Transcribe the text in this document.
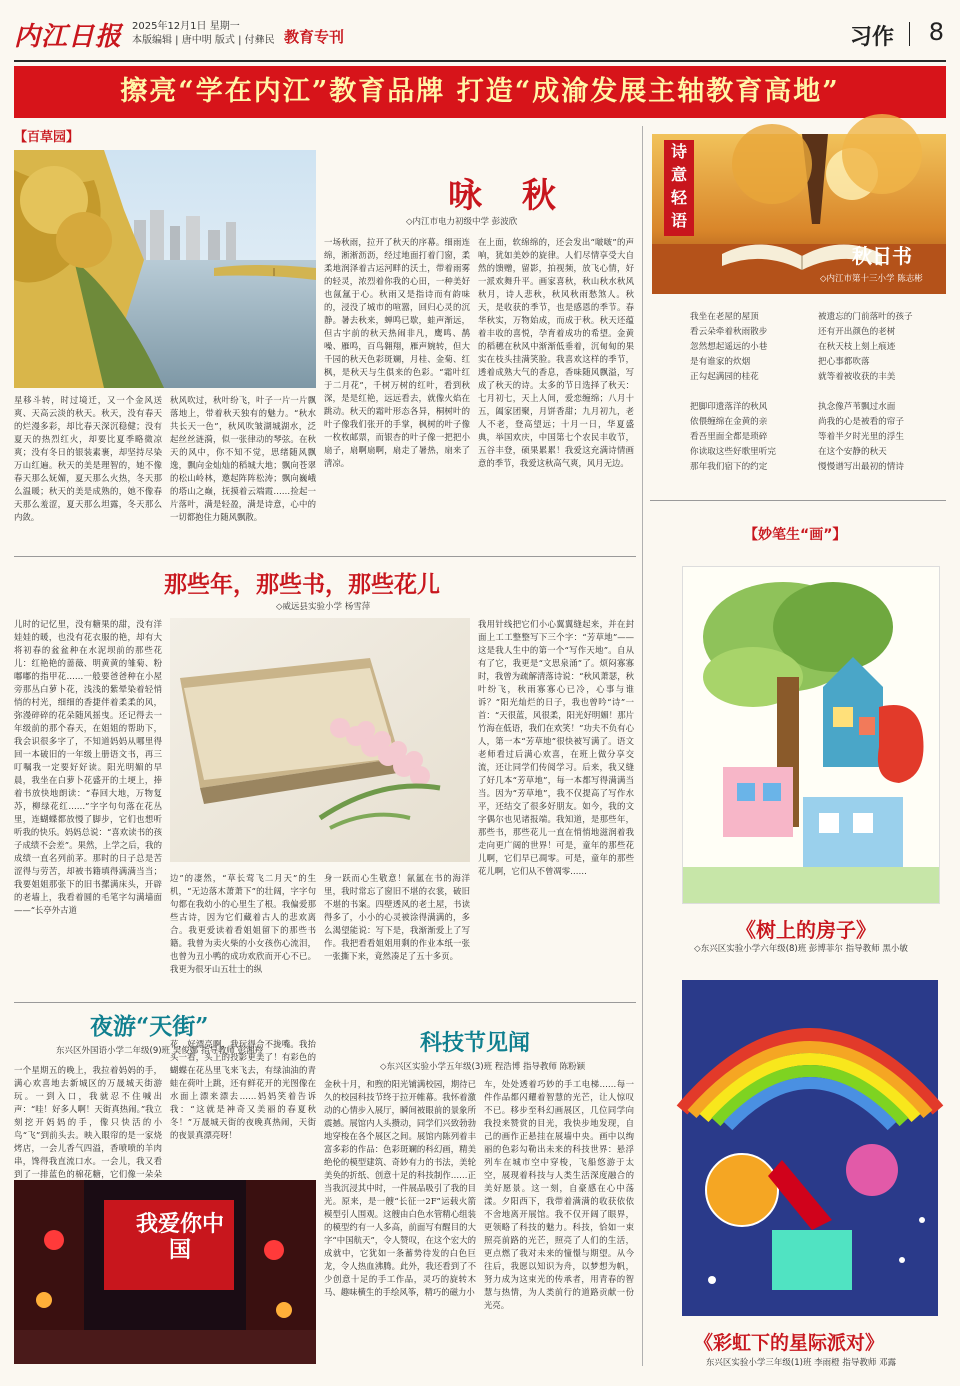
内江日报 2025年12月1日 星期一
本版编辑 | 唐中明 版式 | 付彝民 教育专刊	习作 8
擦亮“学在内江”教育品牌 打造“成渝发展主轴教育高地”
【百草园】
咏 秋
◇内江市电力初级中学 彭波欣
星移斗转，时过境迁，又一个金风送爽、天高云淡的秋天。秋天，没有春天的烂漫多彩，却比春天深沉稳健；没有夏天的热烈红火，却要比夏季略微凉爽；没有冬日的银装素裹，却坚持尽染万山红遍。秋天的美是理智的，她不像春天那么妩媚，夏天那么火热，冬天那么温暖；秋天的美是成熟的，她不像春天那么羞涩，夏天那么坦露，冬天那么内敛。
秋风吹过，秋叶纷飞，叶子一片一片飘落地上，带着秋天独有的魅力。“秋水共长天一色”，秋风吹皱湖城湖水，泛起丝丝涟漪，似一张律动的琴弦。在秋天的风中，你不知不觉，思绪随风飘逸，飘向金灿灿的稻城大地；飘向苍翠的松山岭林，邀起阵阵松涛；飘向巍峨的塔山之巅，抚摸着云端霞……捡起一片落叶，满是轻盈，满是诗意，心中的一切都抱住力随风飘散。
一场秋雨，拉开了秋天的序幕。细雨连绵，淅淅沥沥，经过地面打着门窗，柔柔地润泽着古运河畔的沃土，带着雨雾的轻灵，浓烈着你我的心田，一种美好也氤氲于心。秋雨又是指诗而有韵味的，浸没了城市的喧嚣，回归心灵的沉静。暑去秋来，蝉鸣已歇，蛙声渐远，但古宇前的秋天热闹非凡，鹰鸣、鹊噪、雁鸣，百鸟翱翔，雁声婉转，但大千园的秋天色彩斑斓，月桂、金菊、红枫，是秋天与生俱来的色彩。“霜叶红于二月花”，千树万树的红叶，看到秋深，是是红艳，远远看去，就像火焰在跳动。秋天的霜叶形态各异，桐树叶的叶子像我们张开的手掌，枫树的叶子像一枚枚邮票，而银杏的叶子像一把把小扇子，扇啊扇啊，扇走了暑热，扇来了清凉。
在上面，软绵绵的，还会发出“啵啵”的声响，犹如美妙的旋律。人们尽情享受大自然的馈赠，留影，拍视频，放飞心情，好一派欢舞升平。画家喜秋，秋山秋水秋风秋月，诗人悲秋，秋风秋雨愁煞人。秋天，是收获的季节，也是感恩的季节。春华秋实，万物始成，而成于秋。秋天还蕴着丰收的喜悦，孕育着成功的希望。金黄的稻穗在秋风中渐渐低垂着，沉甸甸的果实在枝头挂满笑脸。我喜欢这样的季节，透着成熟大气的香息，香味随风飘溢，写成了秋天的诗。太多的节日选择了秋天：七月初七，天上人间，爱恋缠绵；八月十五，阖家团聚，月饼香甜；九月初九，老人不老，登高望远；十月一日，华夏盛典，举国欢庆，中国第七个农民丰收节，五谷丰登，硕果累累！我爱这充满诗情画意的季节，我爱这秋高气爽，风月无边。
诗
意
轻
语
秋日书
◇内江市第十三小学 陈志彬
我坐在老屋的屋顶
看云朵牵着秋雨散步
忽然想起遥远的小巷
是有谁家的炊烟
正勾起满园的桂花
把脚印遗落洋的秋风
依偎缠绵在金黄的亲
看吾里面全都是琐碎
你读取这些好歌里听完
那年我们宿下的约定
被遗忘的门前落叶的孩子
还有开出颜色的老树
在秋天枝上刻上痕迹
把心事都吹落
就等着被收获的丰美
执念像芦苇飘过水面
尚我的心是被看的帘子
等着半夕时光里的浮生
在这个安静的秋天
慢慢谱写出最初的情诗
【妙笔生“画”】
《树上的房子》
◇东兴区实验小学六年级(8)班 彭博菲尔 指导教师 黑小敏
《彩虹下的星际派对》
东兴区实验小学三年级(1)班 李雨橙 指导教师 邓露
那些年，那些书，那些花儿
◇威远县实验小学 杨雪萍
儿时的记忆里，没有糖果的甜，没有洋娃娃的暖，也没有花衣服的艳，却有大将初春的盆盆种在水泥坝前的那些花儿：红艳艳的蔷薇、明黄黄的雏菊、粉嘟嘟的指甲花……一般要爸爸种在小屋旁那丛白萝卜花，浅浅的紫晕染着轻悄悄的村光，细细的香捷伴着柔柔的风，弥漫碎碎的花朵随风摇曳。还记得去一年级前的那个春天，在姐姐的帮助下，我会识很多字了，不知道妈妈从哪里得回一本破旧的一年级上册语文书，再三叮嘱我一定要好好读。阳光明媚的早晨，我坐在白萝卜花盛开的土埂上，捧着书放快地朗读：“春回大地，万物复苏，柳绿花红……”字字句句落在花丛里，连蝴蝶都放慢了脚步，它们也想听听我的快乐。妈妈总说：“喜欢读书的孩子成绩不会差”。果然，上学之后，我的成绩一直名列前茅。那时的日子总是苦涩得与劳苦，却被书籍填得满满当当；我要姐姐那张下的旧书摞满床头，开辟的老墙上，我看着圆的毛笔字勾满墙面——“长亭外古道
边”的凄然，“草长莺飞二月天”的生机，“无边落木萧萧下”的壮阔，字字句句都在我幼小的心里生了根。我偏爱那些古诗，因为它们藏着古人的悲欢离合。我更爱读着看姐姐留下的那些书籍。我曾为卖火柴的小女孩伤心流泪，也曾为丑小鸭的成功欢欣而开心不已。我更为很牙山五壮士的纵
身一跃而心生敬意！氤氲在书的海洋里，我时常忘了窗旧不堪的衣裳，破旧不堪的书案。四壁透风的老土屋，书读得多了，小小的心灵被涂得满满的，多么渴望能说：写下是，我渐渐爱上了写作。我把看看姐姐用剩的作业本纸一张一张撕下来，竟然凑足了五十多页。
我用针线把它们小心翼翼缝起来，并在封面上工工整整写下三个字：“芳草地”——这是我人生中的第一个“写作天地”。自从有了它，我更是“文思泉涌”了。烦闷寡寡时，我曾为疏解清落诗说：“秋风萧瑟，秋叶纷飞，秋雨寡寡心已冷，心事与谁诉？”阳光灿烂的日子，我也曾吟“诗”一首：“天很蓝，风很柔，阳光好明媚！那片竹海在低语，我们在欢笑！”功夫不负有心人，第一本“芳草地”很快被写满了。语文老师看过后满心欢喜，在班上做分享交流，还让同学们传阅学习。后来，我又缝了好几本“芳草地”，每一本都写得满满当当。因为“芳草地”，我不仅提高了写作水平，还结交了很多好朋友。如今，我的文字偶尔也见诸报端。我知道，是那些年，那些书，那些花儿一直在悄悄地滋润着我走向更广阔的世界！可是，童年的那些花儿啊，它们早已凋零。可是，童年的那些花儿啊，它们从不曾凋零……
夜游“天街”
东兴区外国语小学二年级(9)班 吴俊娜 指导教师 彭湘羚
一个星期五的晚上，我拉着妈妈的手，满心欢喜地去新城区的万晟城天街游玩。一到入口，我就忍不住喊出声：“哇！好多人啊！天街真热闹。”我立刻挖开妈妈的手，像只快活的小鸟“飞”到前头去。映入眼帘的是一家烧烤店，一会儿香气四溢，香喷喷的羊肉串，馋得我直流口水。一会儿，我又看到了一排蓝色的棉花糖，它们像一朵朵
花，好漂亮啊，我玩得合不拢嘴。我抬头一看，头上的投影更美了！有彩色的蝴蝶在花丛里飞来飞去，有绿油油的青蛙在荷叶上跳，还有鲜花开的光图像在水面上漂来漂去……妈妈笑着告诉我：“这就是神奇又美丽的春夏秋冬！”万晟城天街的夜晚真热闹，天街的夜景真漂亮呀！
我爱你中国
科技节见闻
◇东兴区实验小学五年级(3)班 程浩博 指导教师 陈粉颖
金秋十月，和煦的阳光铺满校园，期待已久的校园科技节终于拉开帷幕。我怀着激动的心情步入展厅，瞬间被眼前的景象所震撼。展馆内人头攒动，同学们兴致勃勃地穿梭在各个展区之间。展馆内陈列着丰富多彩的作品：色彩斑斓的科幻画，精美绝伦的模型建筑、奇妙有力的书法，美轮美奂的折纸、创意十足的科技制作……正当我沉浸其中时，一件展品吸引了我的目光。原来，是一艘“长征一2F”运载火箭模型引人围观。这艘由白色水管精心组装的模型约有一人多高，前面写有醒目的大字“中国航天”，令人赞叹，在这个宏大的成就中，它犹如一条蓄势待发的白色巨龙，令人热血沸腾。此外，我还看到了不少创意十足的手工作品，灵巧的旋转木马、趣味横生的手绘风筝，精巧的磁力小
车，处处透着巧妙的手工电梯……每一件作品都闪耀着智慧的光芒，让人惊叹不已。移步至科幻画展区，几位同学向我投来赞赏的目光，我快步地发现，自己的画作正悬挂在展墙中央。画中以绚丽的色彩勾勒出未来的科技世界：悬浮列车在城市空中穿梭，飞船悠游于太空，展现着科技与人类生活深度融合的美好愿景。这一刻，自豪感在心中荡漾。夕阳西下，我带着满满的收获依依不舍地离开展馆。我不仅开阔了眼界，更领略了科技的魅力。科技，恰如一束照亮前路的光芒，照亮了人们的生活，更点燃了我对未来的憧憬与期望。从今往后，我愿以知识为舟，以梦想为帆，努力成为这束光的传承者，用青春的智慧与热情，为人类前行的道路贡献一份光亮。
